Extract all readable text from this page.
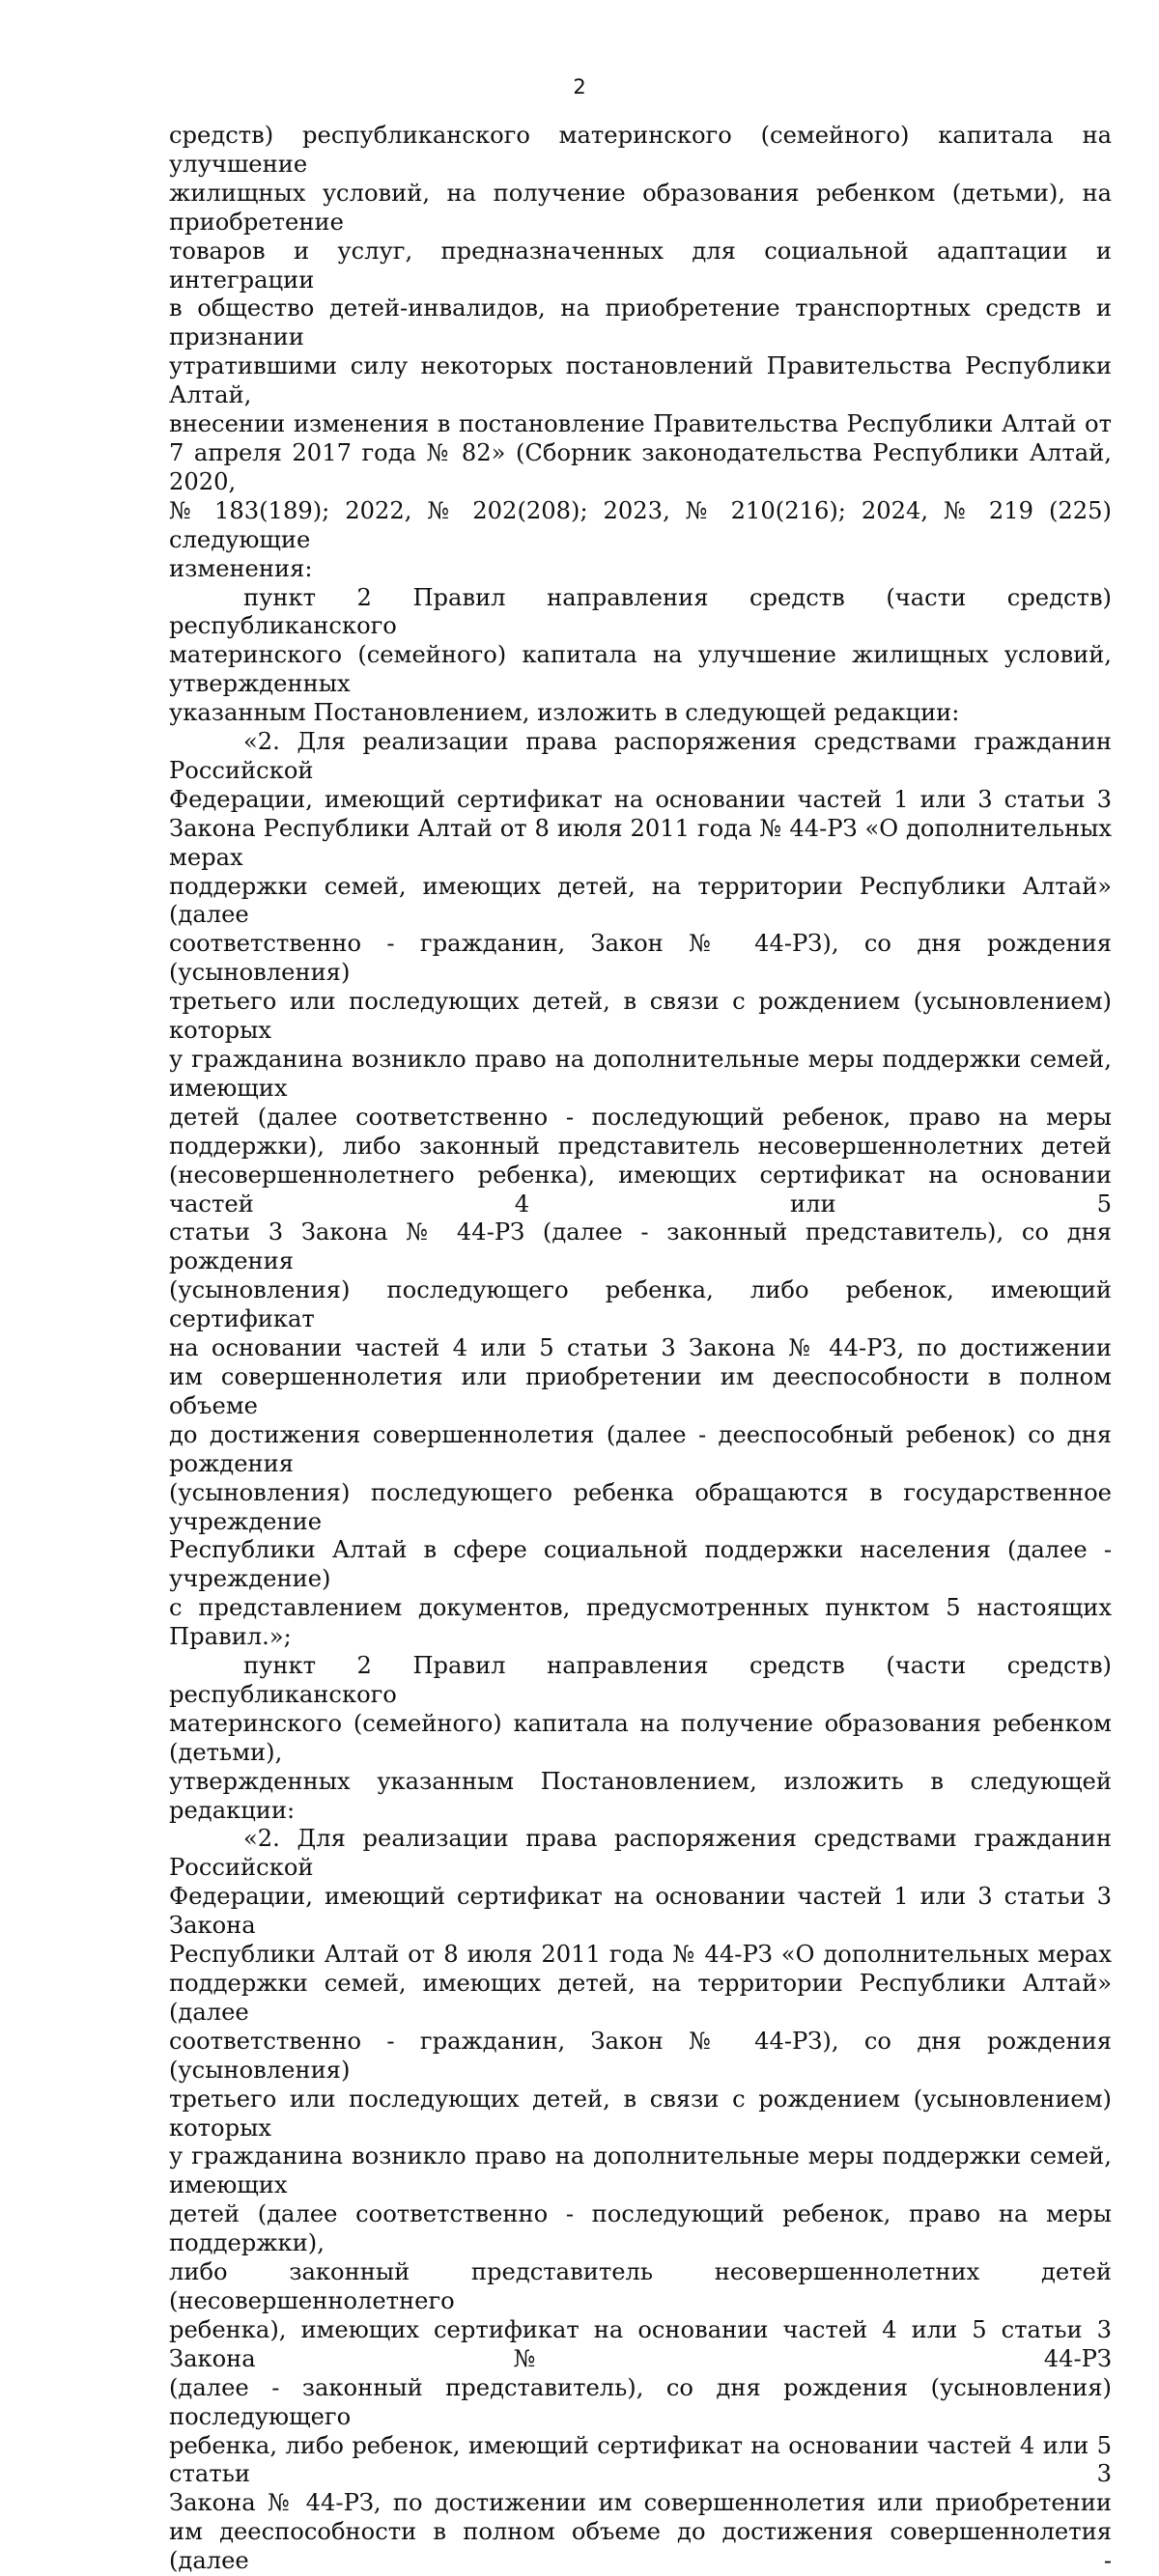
2

средств) республиканского материнского (семейного) капитала на улучшение

жилищных условий, на получение образования ребенком (детьми), на приобретение

товаров и услуг, предназначенных для социальной адаптации и интеграции

в общество детей-инвалидов, на приобретение транспортных средств и признании

утратившими силу некоторых постановлений Правительства Республики Алтай,

внесении изменения в постановление Правительства Республики Алтай от

7 апреля 2017 года № 82» (Сборник законодательства Республики Алтай, 2020,

№ 183(189); 2022, № 202(208); 2023, № 210(216); 2024, № 219 (225) следующие

изменения:

пункт 2 Правил направления средств (части средств) республиканского

материнского (семейного) капитала на улучшение жилищных условий, утвержденных

указанным Постановлением, изложить в следующей редакции:

«2. Для реализации права распоряжения средствами гражданин Российской

Федерации, имеющий сертификат на основании частей 1 или 3 статьи 3

Закона Республики Алтай от 8 июля 2011 года № 44-РЗ «О дополнительных мерах

поддержки семей, имеющих детей, на территории Республики Алтай» (далее

соответственно - гражданин, Закон № 44-РЗ), со дня рождения (усыновления)

третьего или последующих детей, в связи с рождением (усыновлением) которых

у гражданина возникло право на дополнительные меры поддержки семей, имеющих

детей (далее соответственно - последующий ребенок, право на меры

поддержки), либо законный представитель несовершеннолетних детей

(несовершеннолетнего ребенка), имеющих сертификат на основании частей 4 или 5

статьи 3 Закона № 44-РЗ (далее - законный представитель), со дня рождения

(усыновления) последующего ребенка, либо ребенок, имеющий сертификат

на основании частей 4 или 5 статьи 3 Закона № 44-РЗ, по достижении

им совершеннолетия или приобретении им дееспособности в полном объеме

до достижения совершеннолетия (далее - дееспособный ребенок) со дня рождения

(усыновления) последующего ребенка обращаются в государственное учреждение

Республики Алтай в сфере социальной поддержки населения (далее - учреждение)

с представлением документов, предусмотренных пунктом 5 настоящих

Правил.»;

пункт 2 Правил направления средств (части средств) республиканского

материнского (семейного) капитала на получение образования ребенком (детьми),

утвержденных указанным Постановлением, изложить в следующей редакции:

«2. Для реализации права распоряжения средствами гражданин Российской

Федерации, имеющий сертификат на основании частей 1 или 3 статьи 3 Закона

Республики Алтай от 8 июля 2011 года № 44-РЗ «О дополнительных мерах

поддержки семей, имеющих детей, на территории Республики Алтай» (далее

соответственно - гражданин, Закон № 44-РЗ), со дня рождения (усыновления)

третьего или последующих детей, в связи с рождением (усыновлением) которых

у гражданина возникло право на дополнительные меры поддержки семей, имеющих

детей (далее соответственно - последующий ребенок, право на меры поддержки),

либо законный представитель несовершеннолетних детей (несовершеннолетнего

ребенка), имеющих сертификат на основании частей 4 или 5 статьи 3 Закона № 44-РЗ

(далее - законный представитель), со дня рождения (усыновления) последующего

ребенка, либо ребенок, имеющий сертификат на основании частей 4 или 5 статьи 3

Закона № 44-РЗ, по достижении им совершеннолетия или приобретении

им дееспособности в полном объеме до достижения совершеннолетия (далее -
